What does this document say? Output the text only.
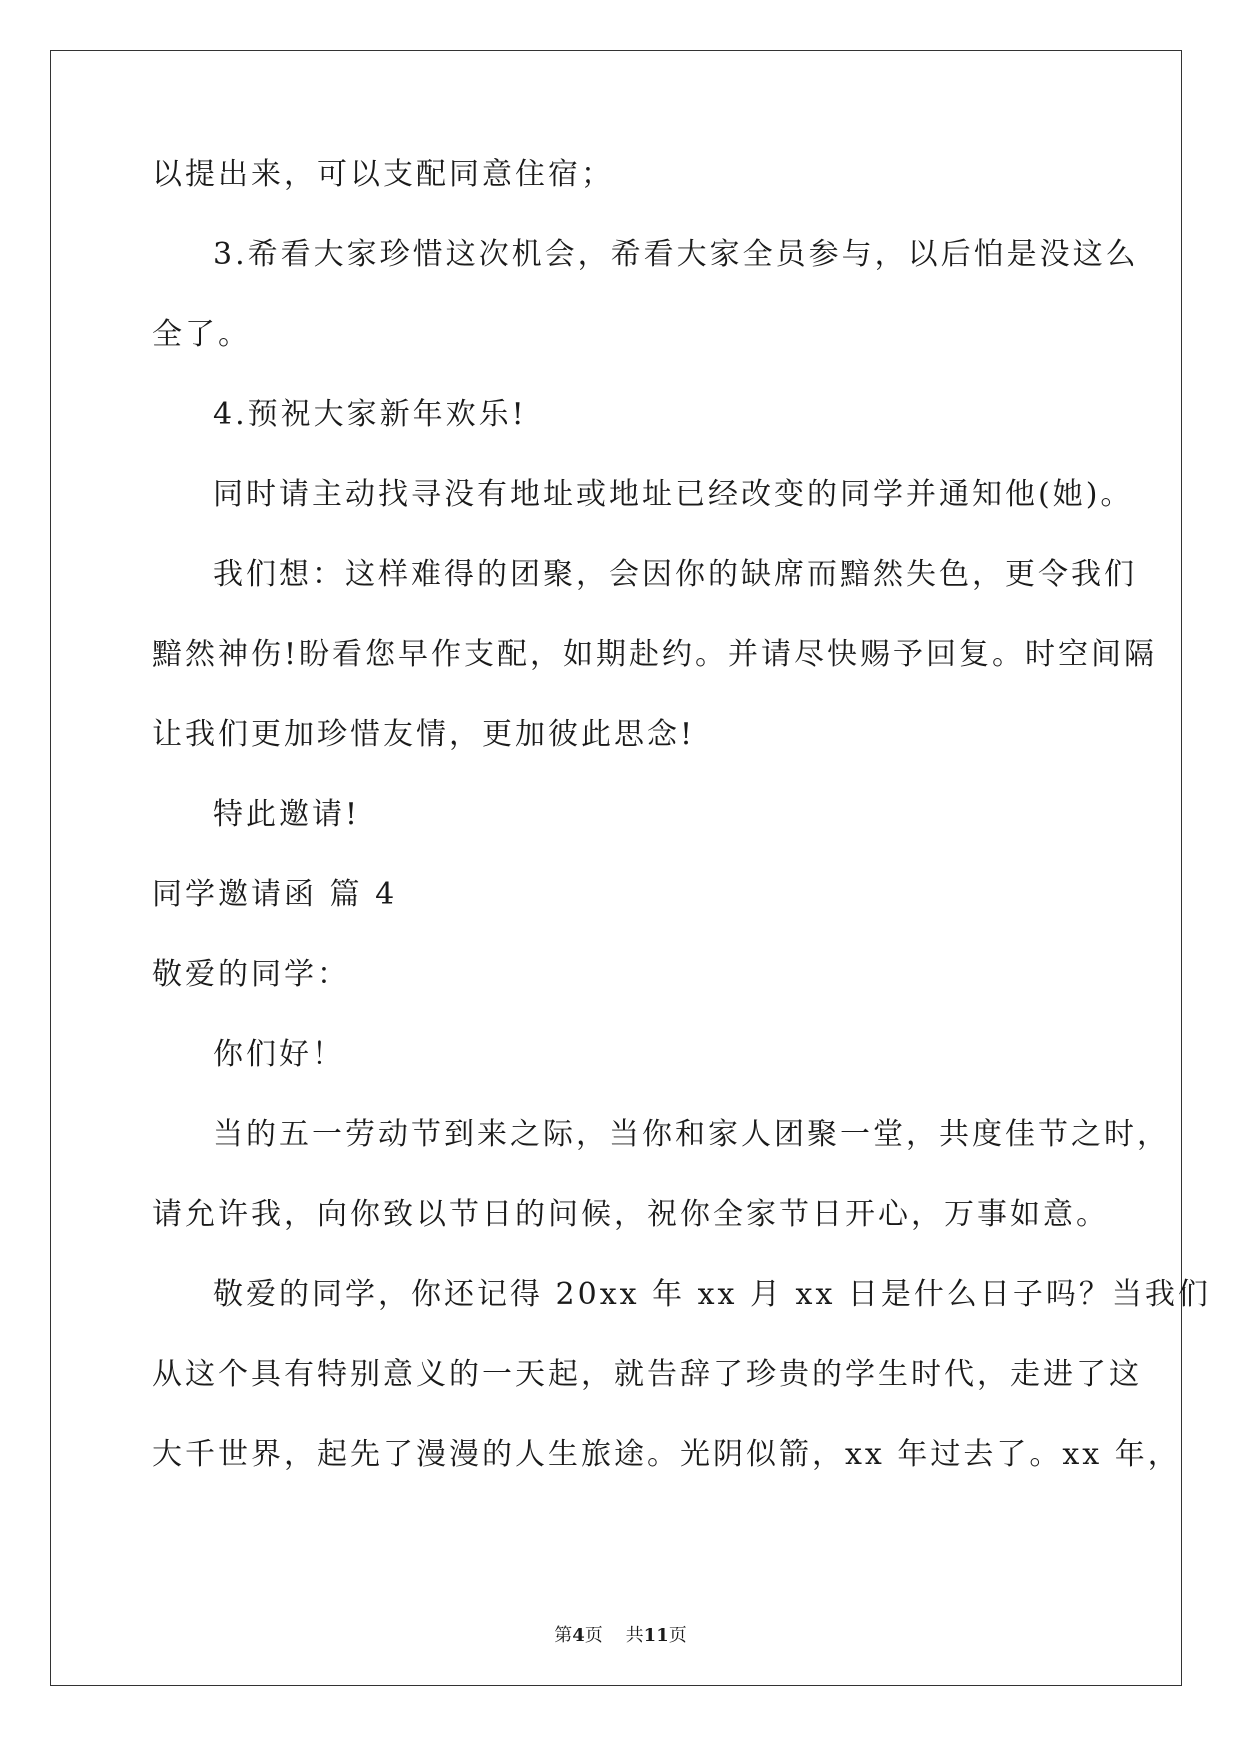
以提出来，可以支配同意住宿；
3.希看大家珍惜这次机会，希看大家全员参与，以后怕是没这么
全了。
4.预祝大家新年欢乐!
同时请主动找寻没有地址或地址已经改变的同学并通知他(她)。
我们想：这样难得的团聚，会因你的缺席而黯然失色，更令我们
黯然神伤!盼看您早作支配，如期赴约。并请尽快赐予回复。时空间隔
让我们更加珍惜友情，更加彼此思念!
特此邀请!
同学邀请函 篇 4
敬爱的同学：
你们好！
当的五一劳动节到来之际，当你和家人团聚一堂，共度佳节之时，
请允许我，向你致以节日的问候，祝你全家节日开心，万事如意。
敬爱的同学，你还记得 20xx 年 xx 月 xx 日是什么日子吗？当我们
从这个具有特别意义的一天起，就告辞了珍贵的学生时代，走进了这
大千世界，起先了漫漫的人生旅途。光阴似箭，xx 年过去了。xx 年，
第4页 共11页
